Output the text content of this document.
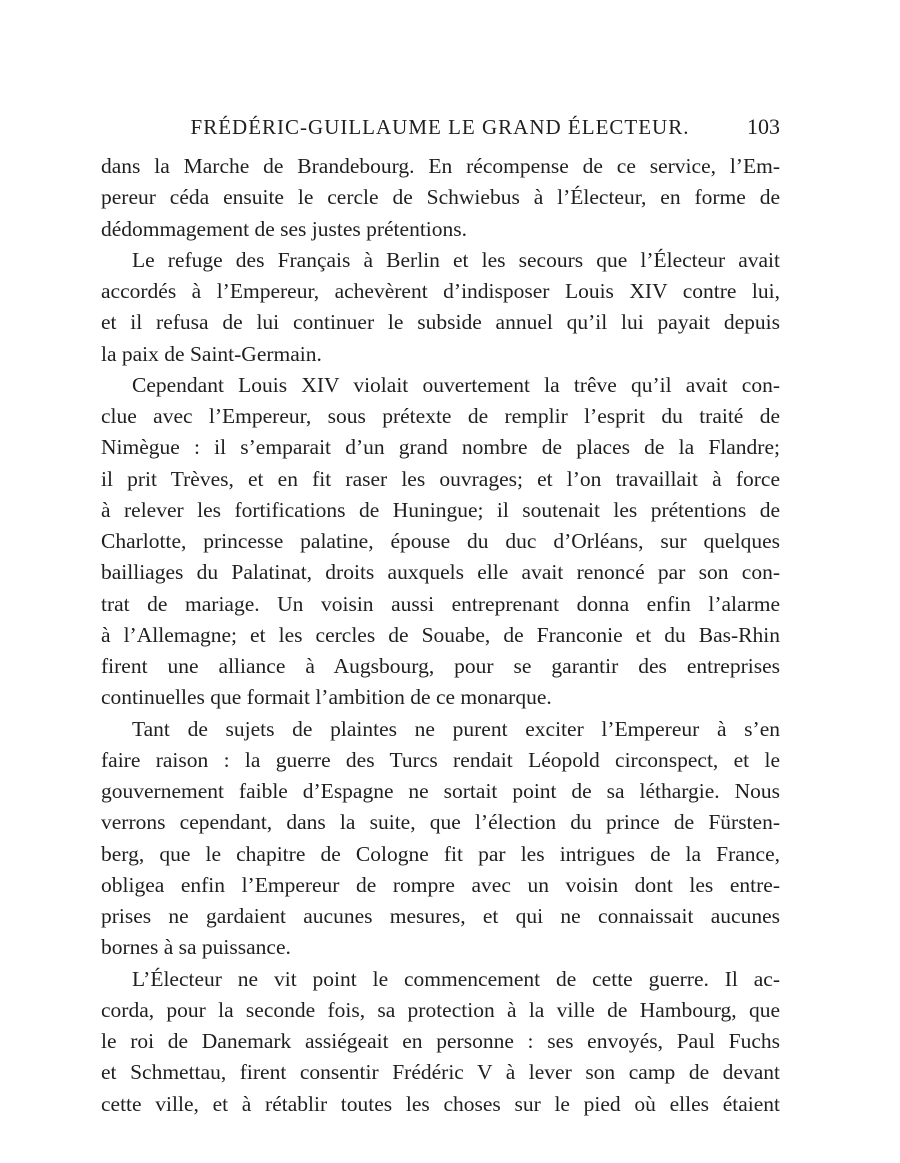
FRÉDÉRIC-GUILLAUME LE GRAND ÉLECTEUR.	103
dans la Marche de Brandebourg. En récompense de ce service, l’Em-
pereur céda ensuite le cercle de Schwiebus à l’Électeur, en forme de
dédommagement de ses justes prétentions.
Le refuge des Français à Berlin et les secours que l’Électeur avait
accordés à l’Empereur, achevèrent d’indisposer Louis XIV contre lui,
et il refusa de lui continuer le subside annuel qu’il lui payait depuis
la paix de Saint-Germain.
Cependant Louis XIV violait ouvertement la trêve qu’il avait con-
clue avec l’Empereur, sous prétexte de remplir l’esprit du traité de
Nimègue : il s’emparait d’un grand nombre de places de la Flandre;
il prit Trèves, et en fit raser les ouvrages; et l’on travaillait à force
à relever les fortifications de Huningue; il soutenait les prétentions de
Charlotte, princesse palatine, épouse du duc d’Orléans, sur quelques
bailliages du Palatinat, droits auxquels elle avait renoncé par son con-
trat de mariage. Un voisin aussi entreprenant donna enfin l’alarme
à l’Allemagne; et les cercles de Souabe, de Franconie et du Bas-Rhin
firent une alliance à Augsbourg, pour se garantir des entreprises
continuelles que formait l’ambition de ce monarque.
Tant de sujets de plaintes ne purent exciter l’Empereur à s’en
faire raison : la guerre des Turcs rendait Léopold circonspect, et le
gouvernement faible d’Espagne ne sortait point de sa léthargie. Nous
verrons cependant, dans la suite, que l’élection du prince de Fürsten-
berg, que le chapitre de Cologne fit par les intrigues de la France,
obligea enfin l’Empereur de rompre avec un voisin dont les entre-
prises ne gardaient aucunes mesures, et qui ne connaissait aucunes
bornes à sa puissance.
L’Électeur ne vit point le commencement de cette guerre. Il ac-
corda, pour la seconde fois, sa protection à la ville de Hambourg, que
le roi de Danemark assiégeait en personne : ses envoyés, Paul Fuchs
et Schmettau, firent consentir Frédéric V à lever son camp de devant
cette ville, et à rétablir toutes les choses sur le pied où elles étaient
